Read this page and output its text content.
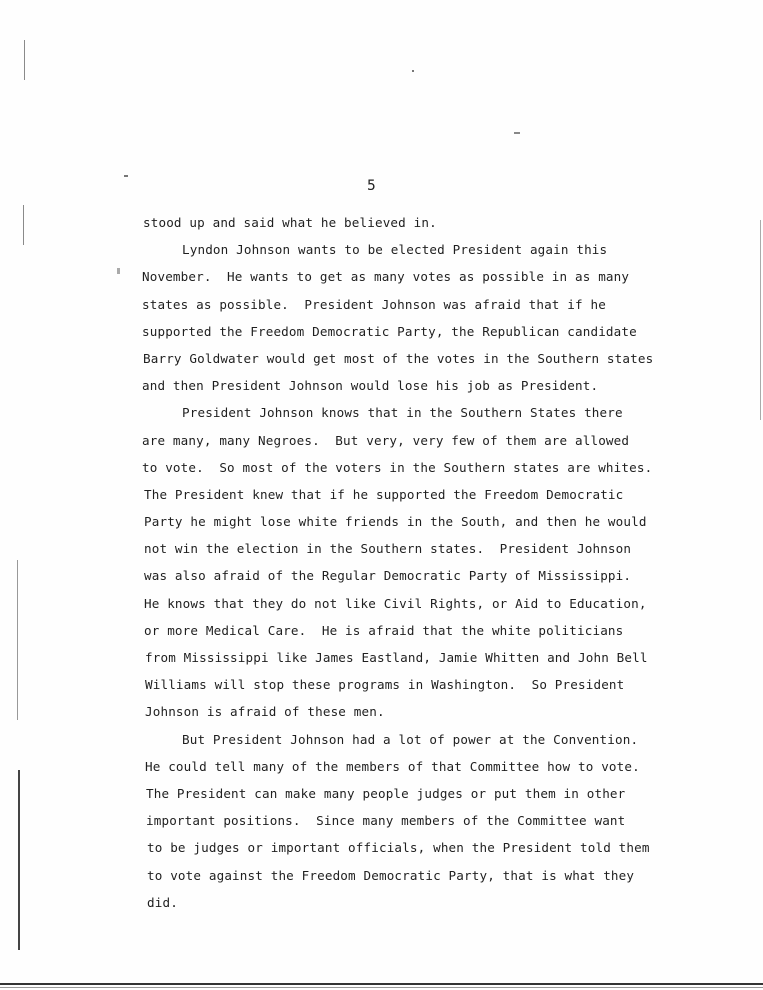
5
stood up and said what he believed in.
Lyndon Johnson wants to be elected President again this
November.  He wants to get as many votes as possible in as many
states as possible.  President Johnson was afraid that if he
supported the Freedom Democratic Party, the Republican candidate
Barry Goldwater would get most of the votes in the Southern states
and then President Johnson would lose his job as President.
President Johnson knows that in the Southern States there
are many, many Negroes.  But very, very few of them are allowed
to vote.  So most of the voters in the Southern states are whites.
The President knew that if he supported the Freedom Democratic
Party he might lose white friends in the South, and then he would
not win the election in the Southern states.  President Johnson
was also afraid of the Regular Democratic Party of Mississippi.
He knows that they do not like Civil Rights, or Aid to Education,
or more Medical Care.  He is afraid that the white politicians
from Mississippi like James Eastland, Jamie Whitten and John Bell
Williams will stop these programs in Washington.  So President
Johnson is afraid of these men.
But President Johnson had a lot of power at the Convention.
He could tell many of the members of that Committee how to vote.
The President can make many people judges or put them in other
important positions.  Since many members of the Committee want
to be judges or important officials, when the President told them
to vote against the Freedom Democratic Party, that is what they
did.
